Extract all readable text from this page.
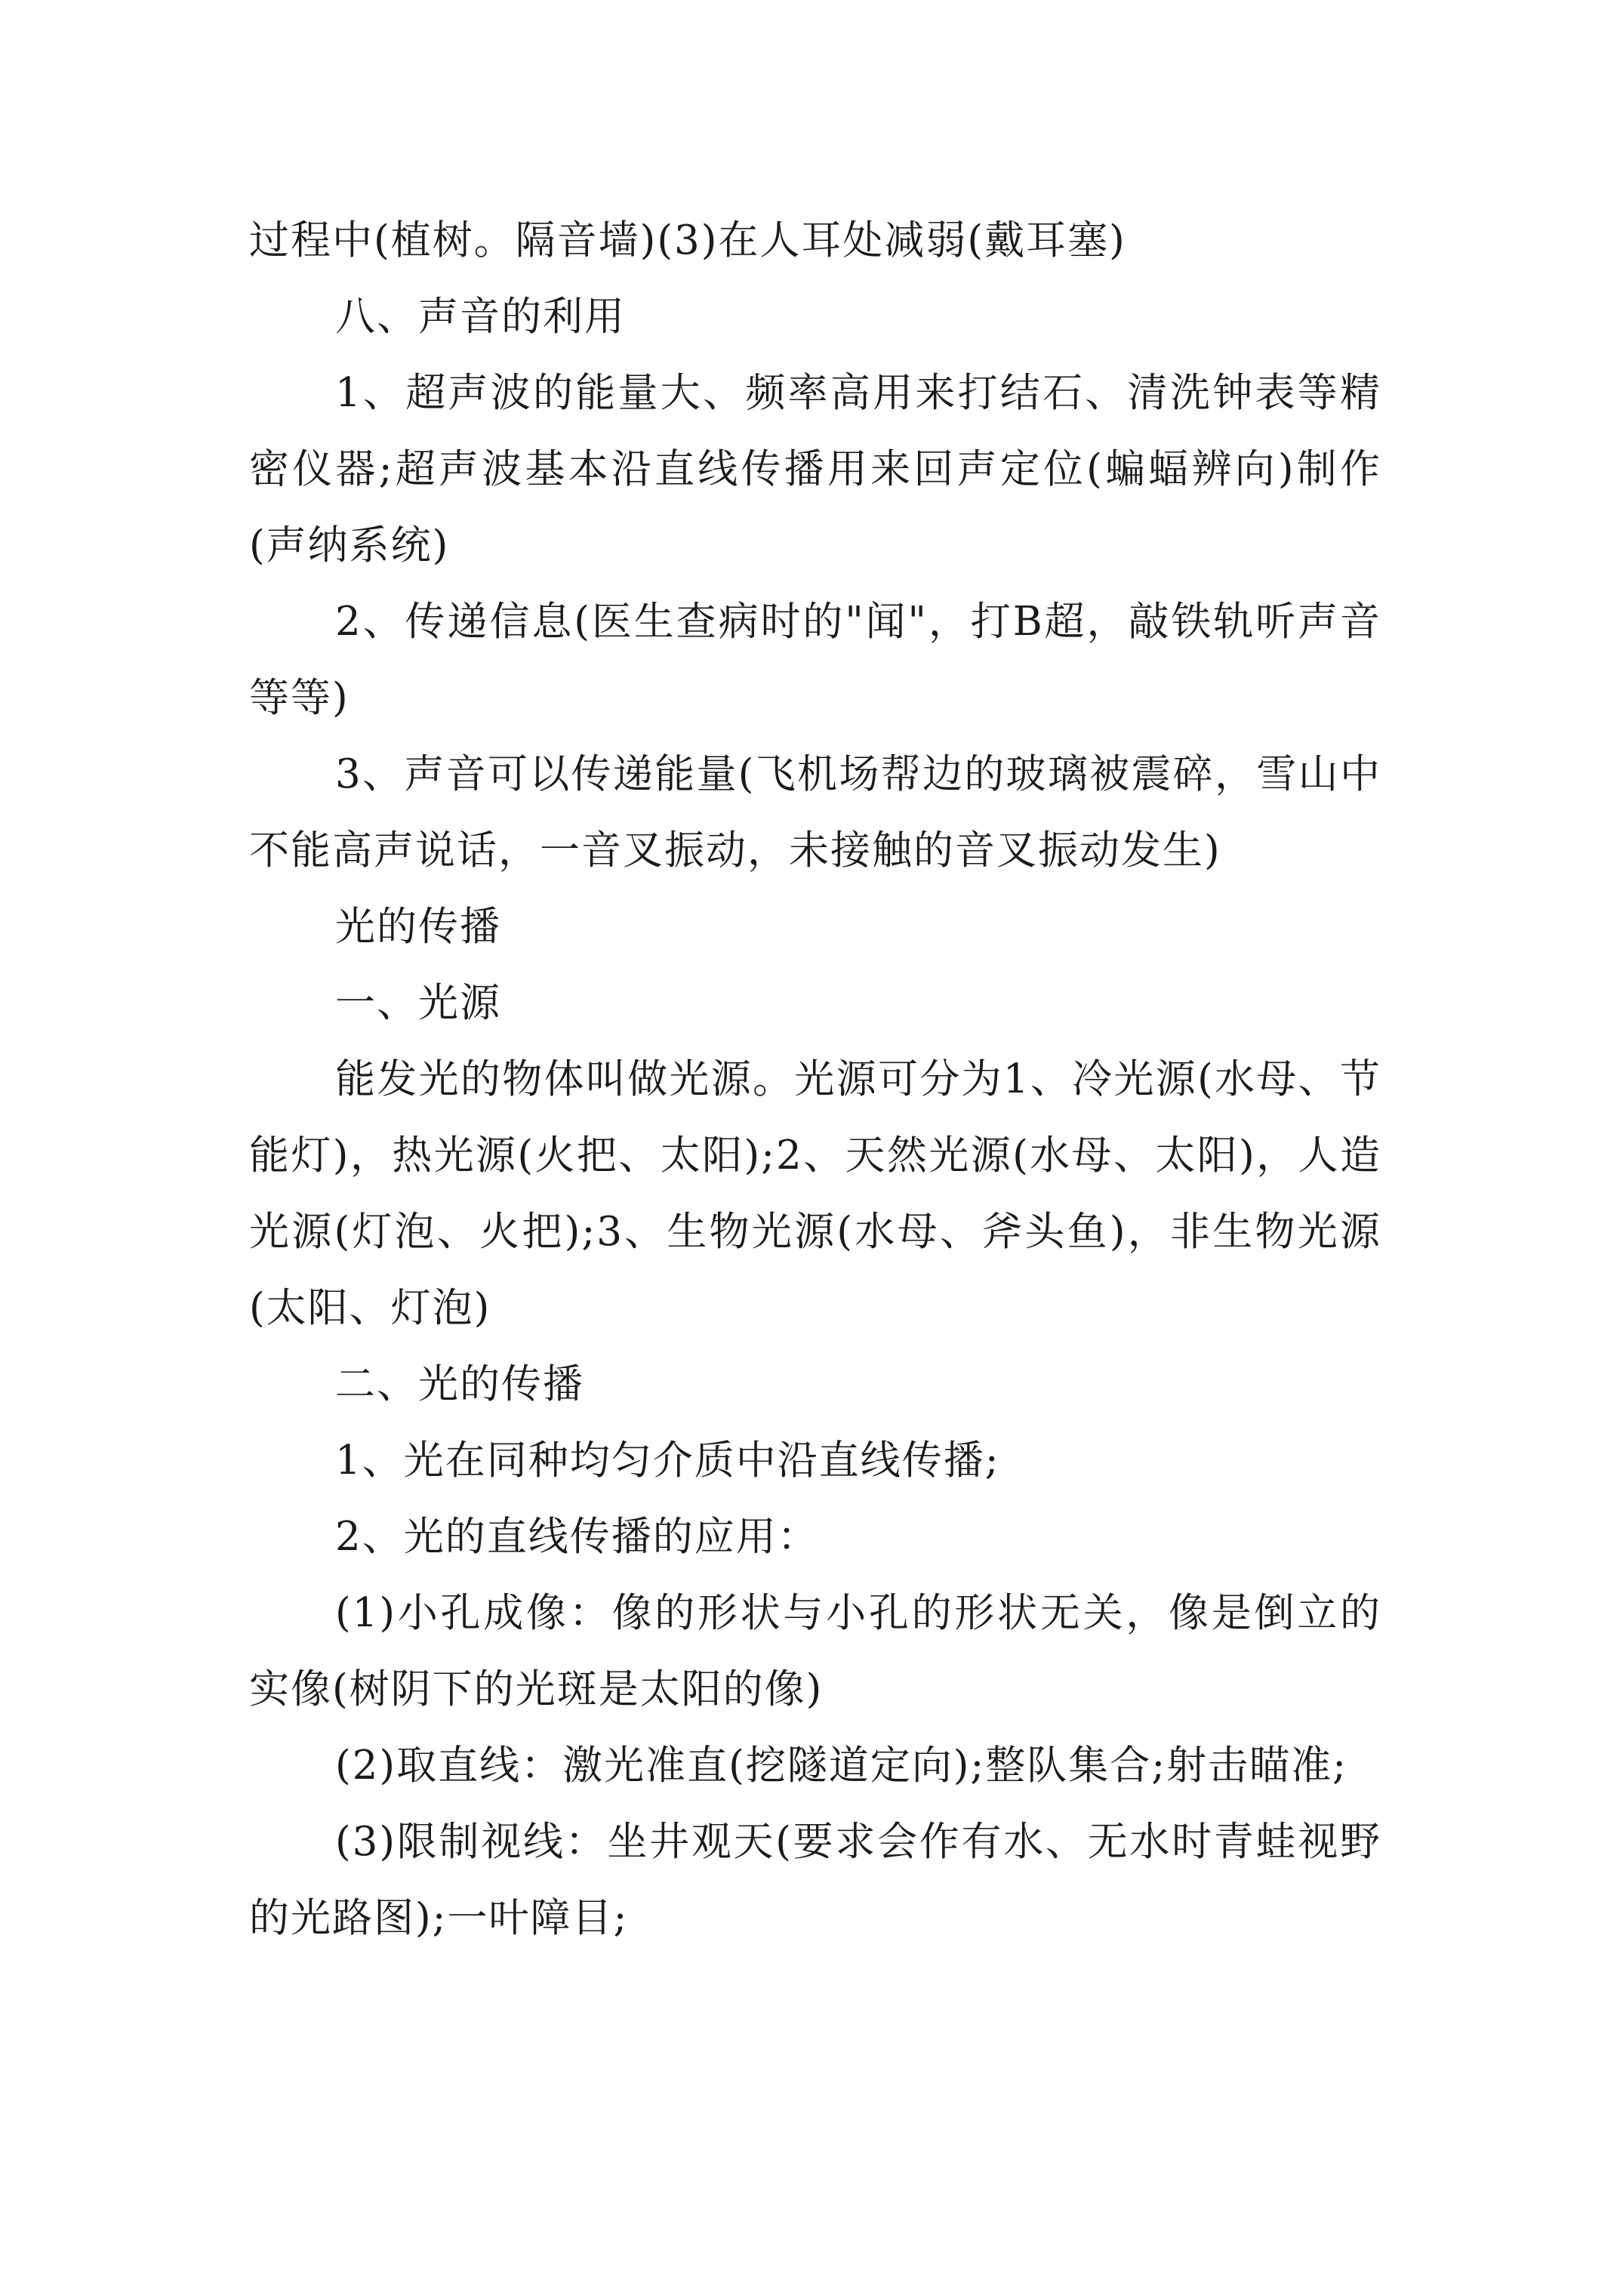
过程中(植树。隔音墙)(3)在人耳处减弱(戴耳塞)

八、声音的利用

1、超声波的能量大、频率高用来打结石、清洗钟表等精密仪器;超声波基本沿直线传播用来回声定位(蝙蝠辨向)制作(声纳系统)

2、传递信息(医生查病时的"闻"，打B超，敲铁轨听声音等等)

3、声音可以传递能量(飞机场帮边的玻璃被震碎，雪山中不能高声说话，一音叉振动，未接触的音叉振动发生)

光的传播

一、光源

能发光的物体叫做光源。光源可分为1、冷光源(水母、节能灯)，热光源(火把、太阳);2、天然光源(水母、太阳)，人造光源(灯泡、火把);3、生物光源(水母、斧头鱼)，非生物光源(太阳、灯泡)

二、光的传播

1、光在同种均匀介质中沿直线传播;

2、光的直线传播的应用：

(1)小孔成像：像的形状与小孔的形状无关，像是倒立的实像(树阴下的光斑是太阳的像)

(2)取直线：激光准直(挖隧道定向);整队集合;射击瞄准;

(3)限制视线：坐井观天(要求会作有水、无水时青蛙视野的光路图);一叶障目;
